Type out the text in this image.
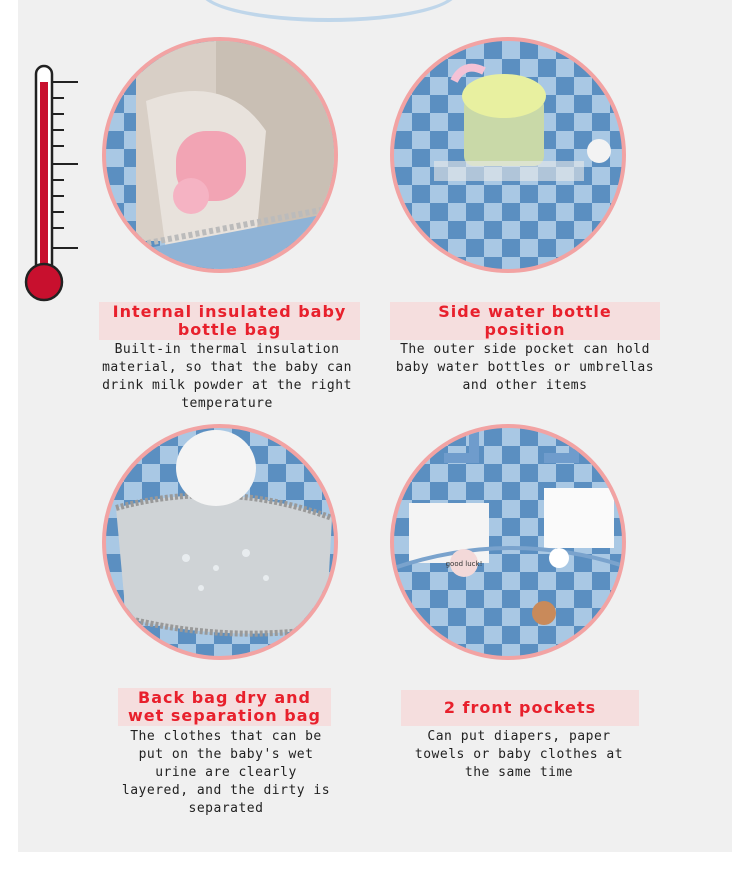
Internal insulated baby bottle bag
Built-in thermal insulation material, so that the baby can drink milk powder at the right temperature
Side water bottle position
The outer side pocket can hold baby water bottles or umbrellas and other items
good luck!
Back bag dry and wet separation bag
The clothes that can be put on the baby's wet urine are clearly layered, and the dirty is separated
2 front pockets
Can put diapers, paper towels or baby clothes at the same time
